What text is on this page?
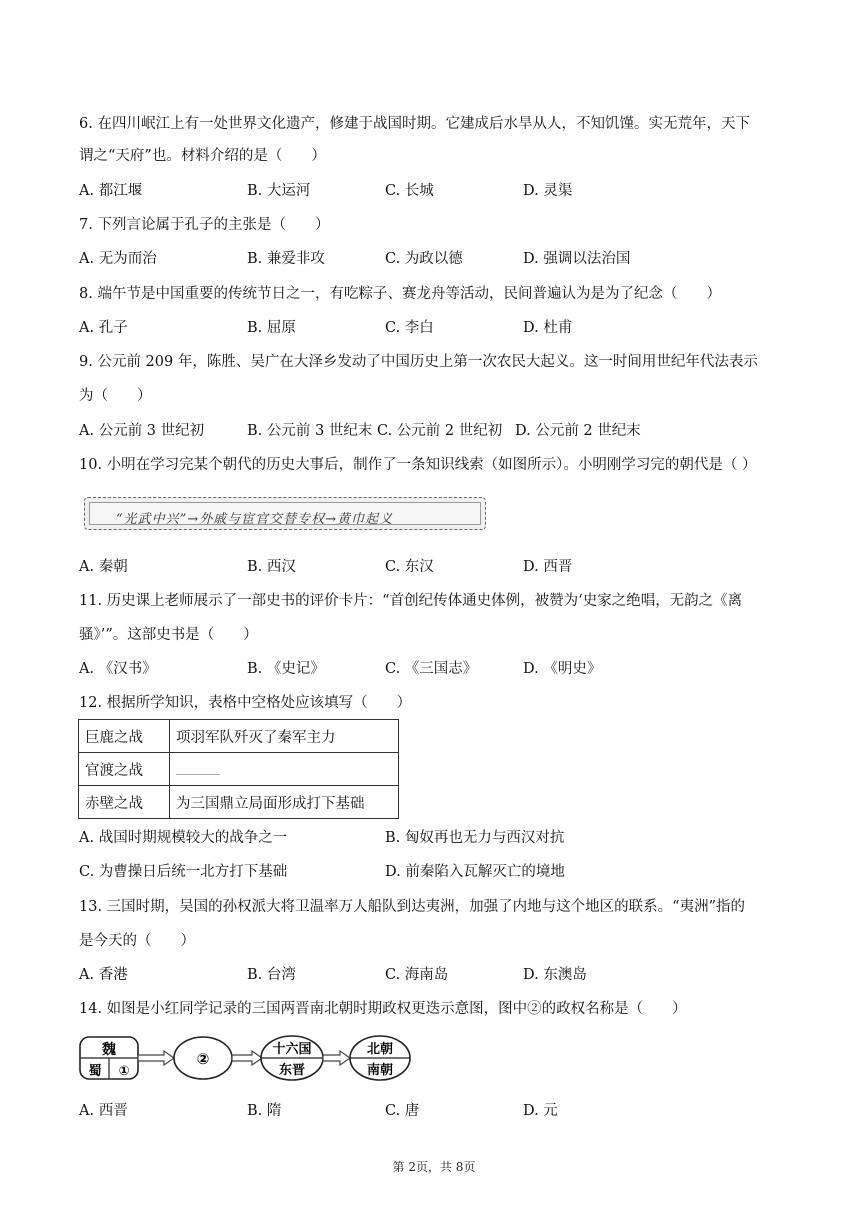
6. 在四川岷江上有一处世界文化遗产，修建于战国时期。它建成后水旱从人，不知饥馑。实无荒年，天下
谓之“天府”也。材料介绍的是（　　）
A. 都江堰	B. 大运河	C. 长城	D. 灵渠
7. 下列言论属于孔子的主张是（　　）
A. 无为而治	B. 兼爱非攻	C. 为政以德	D. 强调以法治国
8. 端午节是中国重要的传统节日之一，有吃粽子、赛龙舟等活动，民间普遍认为是为了纪念（　　）
A. 孔子	B. 屈原	C. 李白	D. 杜甫
9. 公元前 209 年，陈胜、吴广在大泽乡发动了中国历史上第一次农民大起义。这一时间用世纪年代法表示
为（　　）
A. 公元前 3 世纪初	B. 公元前 3 世纪末 C. 公元前 2 世纪初 D. 公元前 2 世纪末
10. 小明在学习完某个朝代的历史大事后，制作了一条知识线索（如图所示）。小明刚学习完的朝代是（ ）
“光武中兴”→外戚与宦官交替专权→黄巾起义
A. 秦朝	B. 西汉	C. 东汉	D. 西晋
11. 历史课上老师展示了一部史书的评价卡片：“首创纪传体通史体例，被赞为‘史家之绝唱，无韵之《离
骚》’”。这部史书是（　　）
A. 《汉书》	B. 《史记》	C. 《三国志》	D. 《明史》
12. 根据所学知识，表格中空格处应该填写（　　）
巨鹿之战	项羽军队歼灭了秦军主力
官渡之战	
赤壁之战	为三国鼎立局面形成打下基础
A. 战国时期规模较大的战争之一	B. 匈奴再也无力与西汉对抗
C. 为曹操日后统一北方打下基础	D. 前秦陷入瓦解灭亡的境地
13. 三国时期，吴国的孙权派大将卫温率万人船队到达夷洲，加强了内地与这个地区的联系。“夷洲”指的
是今天的（　　）
A. 香港	B. 台湾	C. 海南岛	D. 东澳岛
14. 如图是小红同学记录的三国两晋南北朝时期政权更迭示意图，图中②的政权名称是（　　）
魏
蜀 ①
②
十六国
东晋
北朝
南朝
A. 西晋	B. 隋	C. 唐	D. 元
第 2页，共 8页
